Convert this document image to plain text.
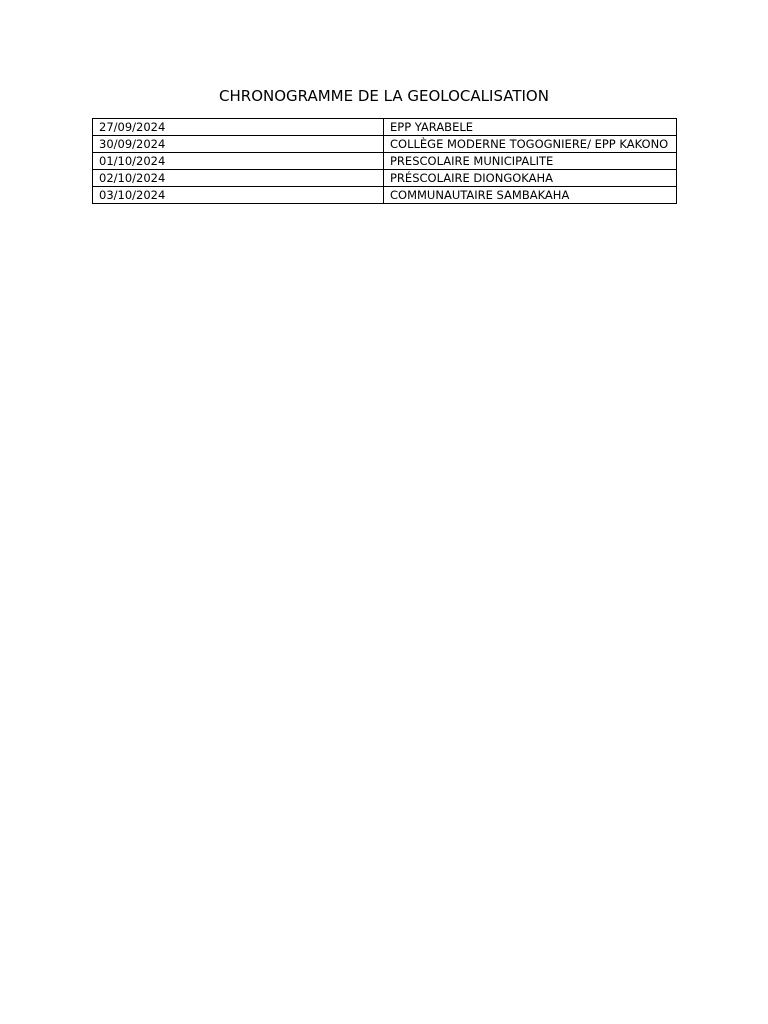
CHRONOGRAMME DE LA GEOLOCALISATION
27/09/2024	EPP YARABELE
30/09/2024	COLLÈGE MODERNE TOGOGNIERE/ EPP KAKONO
01/10/2024	PRESCOLAIRE MUNICIPALITE
02/10/2024	PRÉSCOLAIRE DIONGOKAHA
03/10/2024	COMMUNAUTAIRE SAMBAKAHA
